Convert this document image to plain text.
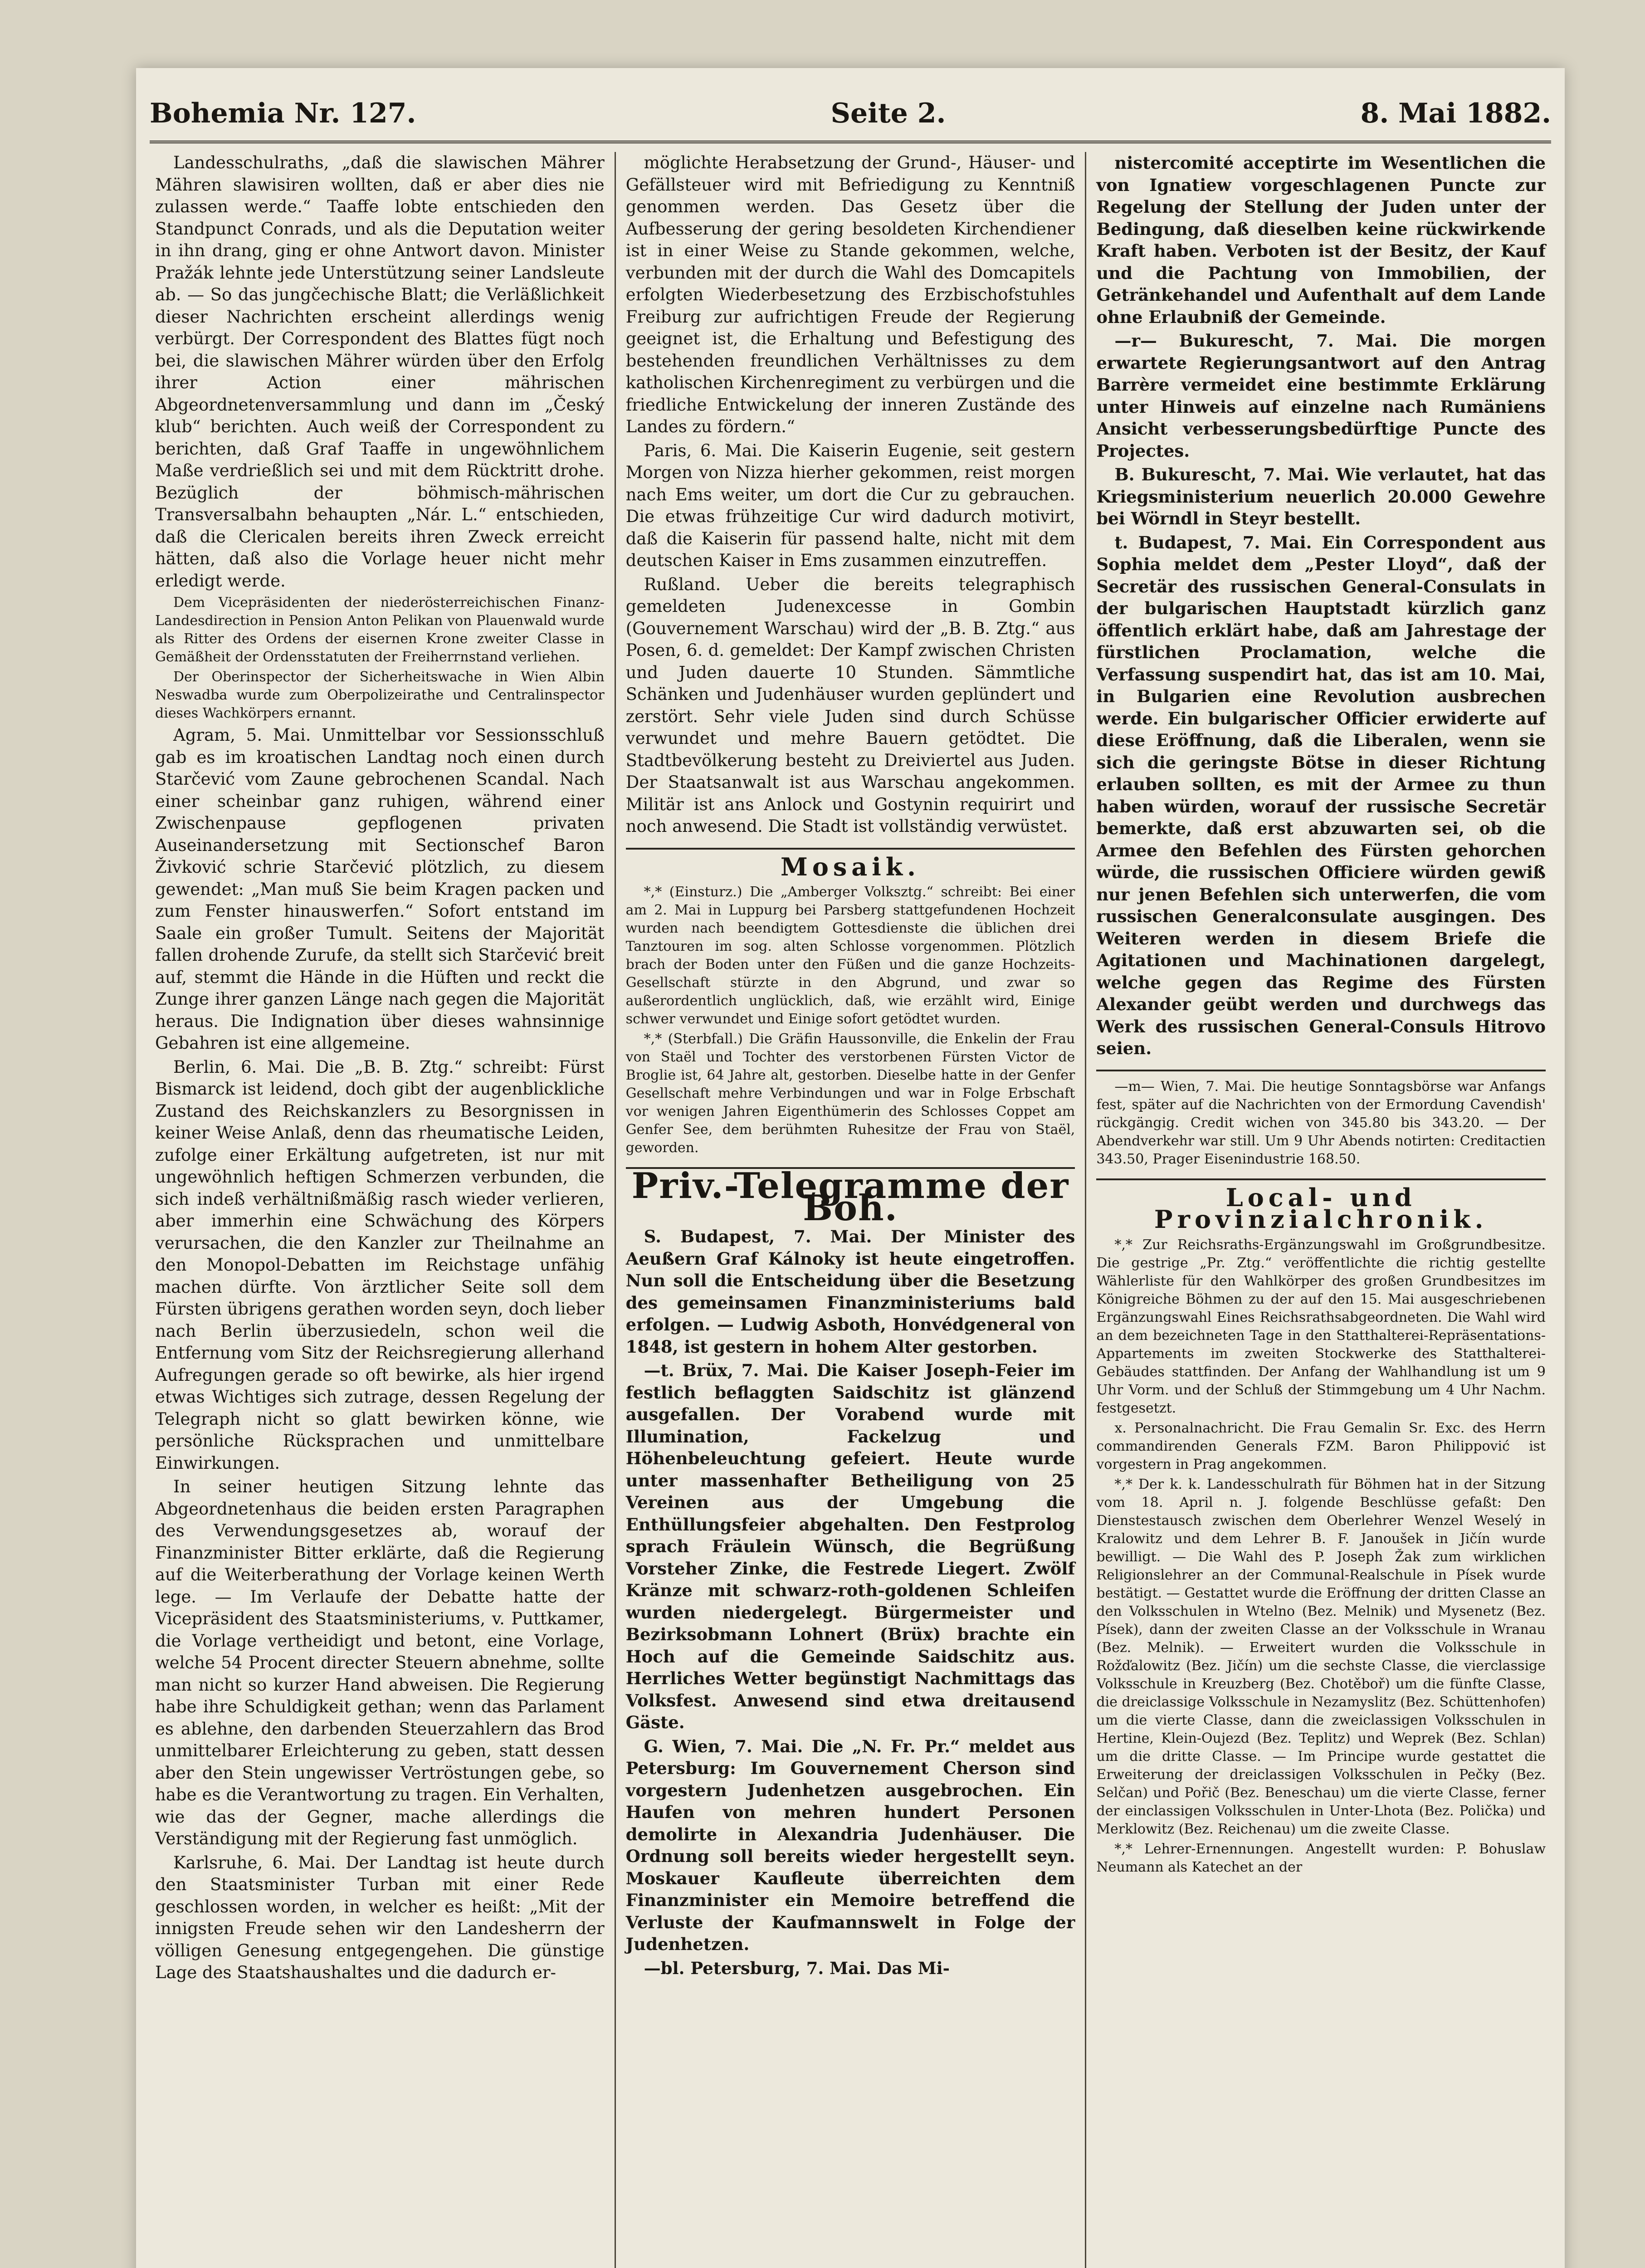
Bohemia Nr. 127.	Seite 2.	8. Mai 1882.

Landesschulraths, „daß die slawischen Mährer Mähren slawisiren wollten, daß er aber dies nie zulassen werde.“ Taaffe lobte entschieden den Standpunct Conrads, und als die Deputation weiter in ihn drang, ging er ohne Antwort davon. Minister Pražák lehnte jede Unterstützung seiner Landsleute ab. — So das jungčechische Blatt; die Verläßlichkeit dieser Nachrichten erscheint allerdings wenig verbürgt. Der Correspondent des Blattes fügt noch bei, die slawischen Mährer würden über den Erfolg ihrer Action einer mährischen Abgeordnetenversammlung und dann im „Český klub“ berichten. Auch weiß der Correspondent zu berichten, daß Graf Taaffe in ungewöhnlichem Maße verdrießlich sei und mit dem Rücktritt drohe. Bezüglich der böhmisch-mährischen Transversalbahn behaupten „Nár. L.“ entschieden, daß die Clericalen bereits ihren Zweck erreicht hätten, daß also die Vorlage heuer nicht mehr erledigt werde.

Dem Vicepräsidenten der niederösterreichischen Finanz-Landesdirection in Pension Anton Pelikan von Plauenwald wurde als Ritter des Ordens der eisernen Krone zweiter Classe in Gemäßheit der Ordensstatuten der Freiherrnstand verliehen.

Der Oberinspector der Sicherheitswache in Wien Albin Neswadba wurde zum Oberpolizeirathe und Centralinspector dieses Wachkörpers ernannt.

Agram, 5. Mai. Unmittelbar vor Sessionsschluß gab es im kroatischen Landtag noch einen durch Starčević vom Zaune gebrochenen Scandal. Nach einer scheinbar ganz ruhigen, während einer Zwischenpause gepflogenen privaten Auseinandersetzung mit Sectionschef Baron Živković schrie Starčević plötzlich, zu diesem gewendet: „Man muß Sie beim Kragen packen und zum Fenster hinauswerfen.“ Sofort entstand im Saale ein großer Tumult. Seitens der Majorität fallen drohende Zurufe, da stellt sich Starčević breit auf, stemmt die Hände in die Hüften und reckt die Zunge ihrer ganzen Länge nach gegen die Majorität heraus. Die Indignation über dieses wahnsinnige Gebahren ist eine allgemeine.

Berlin, 6. Mai. Die „B. B. Ztg.“ schreibt: Fürst Bismarck ist leidend, doch gibt der augenblickliche Zustand des Reichskanzlers zu Besorgnissen in keiner Weise Anlaß, denn das rheumatische Leiden, zufolge einer Erkältung aufgetreten, ist nur mit ungewöhnlich heftigen Schmerzen verbunden, die sich indeß verhältnißmäßig rasch wieder verlieren, aber immerhin eine Schwächung des Körpers verursachen, die den Kanzler zur Theilnahme an den Monopol-Debatten im Reichstage unfähig machen dürfte. Von ärztlicher Seite soll dem Fürsten übrigens gerathen worden seyn, doch lieber nach Berlin überzusiedeln, schon weil die Entfernung vom Sitz der Reichsregierung allerhand Aufregungen gerade so oft bewirke, als hier irgend etwas Wichtiges sich zutrage, dessen Regelung der Telegraph nicht so glatt bewirken könne, wie persönliche Rücksprachen und unmittelbare Einwirkungen.

In seiner heutigen Sitzung lehnte das Abgeordnetenhaus die beiden ersten Paragraphen des Verwendungsgesetzes ab, worauf der Finanzminister Bitter erklärte, daß die Regierung auf die Weiterberathung der Vorlage keinen Werth lege. — Im Verlaufe der Debatte hatte der Vicepräsident des Staatsministeriums, v. Puttkamer, die Vorlage vertheidigt und betont, eine Vorlage, welche 54 Procent directer Steuern abnehme, sollte man nicht so kurzer Hand abweisen. Die Regierung habe ihre Schuldigkeit gethan; wenn das Parlament es ablehne, den darbenden Steuerzahlern das Brod unmittelbarer Erleichterung zu geben, statt dessen aber den Stein ungewisser Vertröstungen gebe, so habe es die Verantwortung zu tragen. Ein Verhalten, wie das der Gegner, mache allerdings die Verständigung mit der Regierung fast unmöglich.

Karlsruhe, 6. Mai. Der Landtag ist heute durch den Staatsminister Turban mit einer Rede geschlossen worden, in welcher es heißt: „Mit der innigsten Freude sehen wir den Landesherrn der völligen Genesung entgegengehen. Die günstige Lage des Staatshaushaltes und die dadurch er-

möglichte Herabsetzung der Grund-, Häuser- und Gefällsteuer wird mit Befriedigung zu Kenntniß genommen werden. Das Gesetz über die Aufbesserung der gering besoldeten Kirchendiener ist in einer Weise zu Stande gekommen, welche, verbunden mit der durch die Wahl des Domcapitels erfolgten Wiederbesetzung des Erzbischofstuhles Freiburg zur aufrichtigen Freude der Regierung geeignet ist, die Erhaltung und Befestigung des bestehenden freundlichen Verhältnisses zu dem katholischen Kirchenregiment zu verbürgen und die friedliche Entwickelung der inneren Zustände des Landes zu fördern.“

Paris, 6. Mai. Die Kaiserin Eugenie, seit gestern Morgen von Nizza hierher gekommen, reist morgen nach Ems weiter, um dort die Cur zu gebrauchen. Die etwas frühzeitige Cur wird dadurch motivirt, daß die Kaiserin für passend halte, nicht mit dem deutschen Kaiser in Ems zusammen einzutreffen.

Rußland. Ueber die bereits telegraphisch gemeldeten Judenexcesse in Gombin (Gouvernement Warschau) wird der „B. B. Ztg.“ aus Posen, 6. d. gemeldet: Der Kampf zwischen Christen und Juden dauerte 10 Stunden. Sämmtliche Schänken und Judenhäuser wurden geplündert und zerstört. Sehr viele Juden sind durch Schüsse verwundet und mehre Bauern getödtet. Die Stadtbevölkerung besteht zu Dreiviertel aus Juden. Der Staatsanwalt ist aus Warschau angekommen. Militär ist ans Anlock und Gostynin requirirt und noch anwesend. Die Stadt ist vollständig verwüstet.

Mosaik.

*,* (Einsturz.) Die „Amberger Volksztg.“ schreibt: Bei einer am 2. Mai in Luppurg bei Parsberg stattgefundenen Hochzeit wurden nach beendigtem Gottesdienste die üblichen drei Tanztouren im sog. alten Schlosse vorgenommen. Plötzlich brach der Boden unter den Füßen und die ganze Hochzeits-Gesellschaft stürzte in den Abgrund, und zwar so außerordentlich unglücklich, daß, wie erzählt wird, Einige schwer verwundet und Einige sofort getödtet wurden.

*,* (Sterbfall.) Die Gräfin Haussonville, die Enkelin der Frau von Staël und Tochter des verstorbenen Fürsten Victor de Broglie ist, 64 Jahre alt, gestorben. Dieselbe hatte in der Genfer Gesellschaft mehre Verbindungen und war in Folge Erbschaft vor wenigen Jahren Eigenthümerin des Schlosses Coppet am Genfer See, dem berühmten Ruhesitze der Frau von Staël, geworden.

Priv.-Telegramme der Boh.

S. Budapest, 7. Mai. Der Minister des Aeußern Graf Kálnoky ist heute eingetroffen. Nun soll die Entscheidung über die Besetzung des gemeinsamen Finanzministeriums bald erfolgen. — Ludwig Asboth, Honvédgeneral von 1848, ist gestern in hohem Alter gestorben.

—t. Brüx, 7. Mai. Die Kaiser Joseph-Feier im festlich beflaggten Saidschitz ist glänzend ausgefallen. Der Vorabend wurde mit Illumination, Fackelzug und Höhenbeleuchtung gefeiert. Heute wurde unter massenhafter Betheiligung von 25 Vereinen aus der Umgebung die Enthüllungsfeier abgehalten. Den Festprolog sprach Fräulein Wünsch, die Begrüßung Vorsteher Zinke, die Festrede Liegert. Zwölf Kränze mit schwarz-roth-goldenen Schleifen wurden niedergelegt. Bürgermeister und Bezirksobmann Lohnert (Brüx) brachte ein Hoch auf die Gemeinde Saidschitz aus. Herrliches Wetter begünstigt Nachmittags das Volksfest. Anwesend sind etwa dreitausend Gäste.

G. Wien, 7. Mai. Die „N. Fr. Pr.“ meldet aus Petersburg: Im Gouvernement Cherson sind vorgestern Judenhetzen ausgebrochen. Ein Haufen von mehren hundert Personen demolirte in Alexandria Judenhäuser. Die Ordnung soll bereits wieder hergestellt seyn. Moskauer Kaufleute überreichten dem Finanzminister ein Memoire betreffend die Verluste der Kaufmannswelt in Folge der Judenhetzen.

—bl. Petersburg, 7. Mai. Das Mi-

nistercomité acceptirte im Wesentlichen die von Ignatiew vorgeschlagenen Puncte zur Regelung der Stellung der Juden unter der Bedingung, daß dieselben keine rückwirkende Kraft haben. Verboten ist der Besitz, der Kauf und die Pachtung von Immobilien, der Getränkehandel und Aufenthalt auf dem Lande ohne Erlaubniß der Gemeinde.

—r— Bukurescht, 7. Mai. Die morgen erwartete Regierungsantwort auf den Antrag Barrère vermeidet eine bestimmte Erklärung unter Hinweis auf einzelne nach Rumäniens Ansicht verbesserungsbedürftige Puncte des Projectes.

B. Bukurescht, 7. Mai. Wie verlautet, hat das Kriegsministerium neuerlich 20.000 Gewehre bei Wörndl in Steyr bestellt.

t. Budapest, 7. Mai. Ein Correspondent aus Sophia meldet dem „Pester Lloyd“, daß der Secretär des russischen General-Consulats in der bulgarischen Hauptstadt kürzlich ganz öffentlich erklärt habe, daß am Jahrestage der fürstlichen Proclamation, welche die Verfassung suspendirt hat, das ist am 10. Mai, in Bulgarien eine Revolution ausbrechen werde. Ein bulgarischer Officier erwiderte auf diese Eröffnung, daß die Liberalen, wenn sie sich die geringste Bötse in dieser Richtung erlauben sollten, es mit der Armee zu thun haben würden, worauf der russische Secretär bemerkte, daß erst abzuwarten sei, ob die Armee den Befehlen des Fürsten gehorchen würde, die russischen Officiere würden gewiß nur jenen Befehlen sich unterwerfen, die vom russischen Generalconsulate ausgingen. Des Weiteren werden in diesem Briefe die Agitationen und Machinationen dargelegt, welche gegen das Regime des Fürsten Alexander geübt werden und durchwegs das Werk des russischen General-Consuls Hitrovo seien.

—m— Wien, 7. Mai. Die heutige Sonntagsbörse war Anfangs fest, später auf die Nachrichten von der Ermordung Cavendish' rückgängig. Credit wichen von 345.80 bis 343.20. — Der Abendverkehr war still. Um 9 Uhr Abends notirten: Creditactien 343.50, Prager Eisenindustrie 168.50.

Local- und Provinzialchronik.

*,* Zur Reichsraths-Ergänzungswahl im Großgrundbesitze. Die gestrige „Pr. Ztg.“ veröffentlichte die richtig gestellte Wählerliste für den Wahlkörper des großen Grundbesitzes im Königreiche Böhmen zu der auf den 15. Mai ausgeschriebenen Ergänzungswahl Eines Reichsrathsabgeordneten. Die Wahl wird an dem bezeichneten Tage in den Statthalterei-Repräsentations-Appartements im zweiten Stockwerke des Statthalterei-Gebäudes stattfinden. Der Anfang der Wahlhandlung ist um 9 Uhr Vorm. und der Schluß der Stimmgebung um 4 Uhr Nachm. festgesetzt.

x. Personalnachricht. Die Frau Gemalin Sr. Exc. des Herrn commandirenden Generals FZM. Baron Philippović ist vorgestern in Prag angekommen.

*,* Der k. k. Landesschulrath für Böhmen hat in der Sitzung vom 18. April n. J. folgende Beschlüsse gefaßt: Den Dienstestausch zwischen dem Oberlehrer Wenzel Weselý in Kralowitz und dem Lehrer B. F. Janoušek in Jičín wurde bewilligt. — Die Wahl des P. Joseph Žak zum wirklichen Religionslehrer an der Communal-Realschule in Písek wurde bestätigt. — Gestattet wurde die Eröffnung der dritten Classe an den Volksschulen in Wtelno (Bez. Melnik) und Mysenetz (Bez. Písek), dann der zweiten Classe an der Volksschule in Wranau (Bez. Melnik). — Erweitert wurden die Volksschule in Rožďalowitz (Bez. Jičín) um die sechste Classe, die vierclassige Volksschule in Kreuzberg (Bez. Chotěboř) um die fünfte Classe, die dreiclassige Volksschule in Nezamyslitz (Bez. Schüttenhofen) um die vierte Classe, dann die zweiclassigen Volksschulen in Hertine, Klein-Oujezd (Bez. Teplitz) und Weprek (Bez. Schlan) um die dritte Classe. — Im Principe wurde gestattet die Erweiterung der dreiclassigen Volksschulen in Pečky (Bez. Selčan) und Pořič (Bez. Beneschau) um die vierte Classe, ferner der einclassigen Volksschulen in Unter-Lhota (Bez. Polička) und Merklowitz (Bez. Reichenau) um die zweite Classe.

*,* Lehrer-Ernennungen. Angestellt wurden: P. Bohuslaw Neumann als Katechet an der
